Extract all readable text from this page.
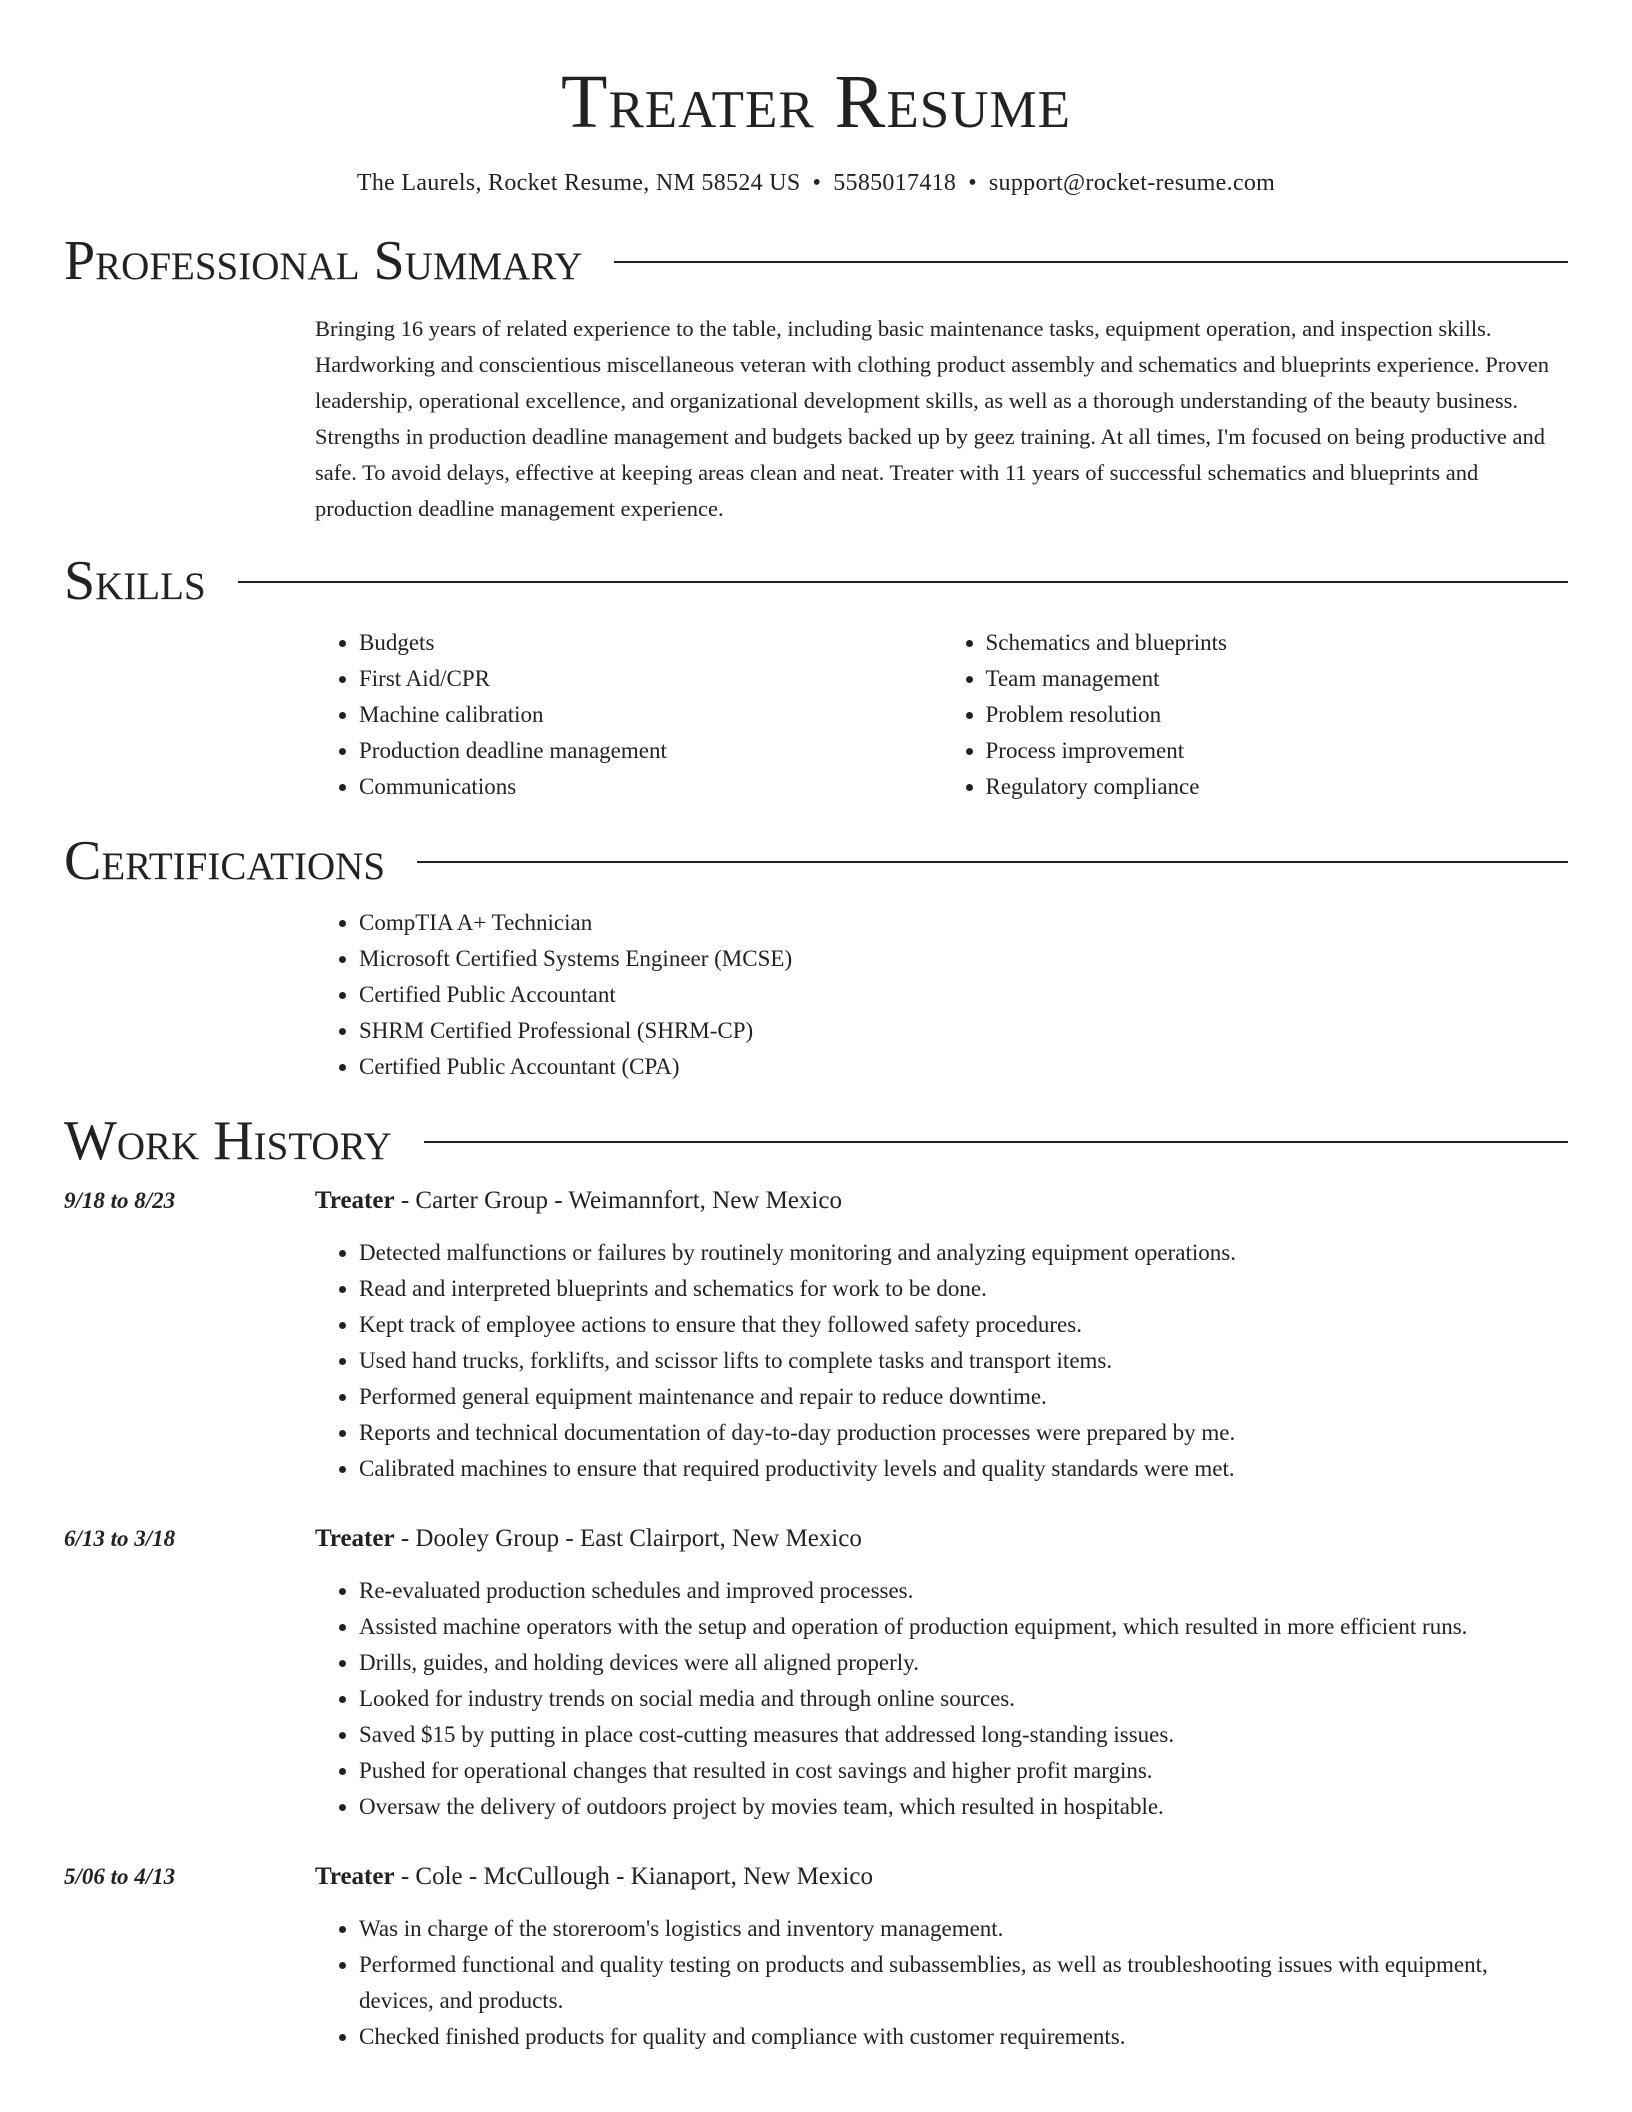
Treater Resume
The Laurels, Rocket Resume, NM 58524 US • 5585017418 • support@rocket-resume.com
Professional Summary
Bringing 16 years of related experience to the table, including basic maintenance tasks, equipment operation, and inspection skills. Hardworking and conscientious miscellaneous veteran with clothing product assembly and schematics and blueprints experience. Proven leadership, operational excellence, and organizational development skills, as well as a thorough understanding of the beauty business. Strengths in production deadline management and budgets backed up by geez training. At all times, I'm focused on being productive and safe. To avoid delays, effective at keeping areas clean and neat. Treater with 11 years of successful schematics and blueprints and production deadline management experience.
Skills
• Budgets
• First Aid/CPR
• Machine calibration
• Production deadline management
• Communications
• Schematics and blueprints
• Team management
• Problem resolution
• Process improvement
• Regulatory compliance
Certifications
• CompTIA A+ Technician
• Microsoft Certified Systems Engineer (MCSE)
• Certified Public Accountant
• SHRM Certified Professional (SHRM-CP)
• Certified Public Accountant (CPA)
Work History
9/18 to 8/23	Treater - Carter Group - Weimannfort, New Mexico
• Detected malfunctions or failures by routinely monitoring and analyzing equipment operations.
• Read and interpreted blueprints and schematics for work to be done.
• Kept track of employee actions to ensure that they followed safety procedures.
• Used hand trucks, forklifts, and scissor lifts to complete tasks and transport items.
• Performed general equipment maintenance and repair to reduce downtime.
• Reports and technical documentation of day-to-day production processes were prepared by me.
• Calibrated machines to ensure that required productivity levels and quality standards were met.
6/13 to 3/18	Treater - Dooley Group - East Clairport, New Mexico
• Re-evaluated production schedules and improved processes.
• Assisted machine operators with the setup and operation of production equipment, which resulted in more efficient runs.
• Drills, guides, and holding devices were all aligned properly.
• Looked for industry trends on social media and through online sources.
• Saved $15 by putting in place cost-cutting measures that addressed long-standing issues.
• Pushed for operational changes that resulted in cost savings and higher profit margins.
• Oversaw the delivery of outdoors project by movies team, which resulted in hospitable.
5/06 to 4/13	Treater - Cole - McCullough - Kianaport, New Mexico
• Was in charge of the storeroom's logistics and inventory management.
• Performed functional and quality testing on products and subassemblies, as well as troubleshooting issues with equipment, devices, and products.
• Checked finished products for quality and compliance with customer requirements.
